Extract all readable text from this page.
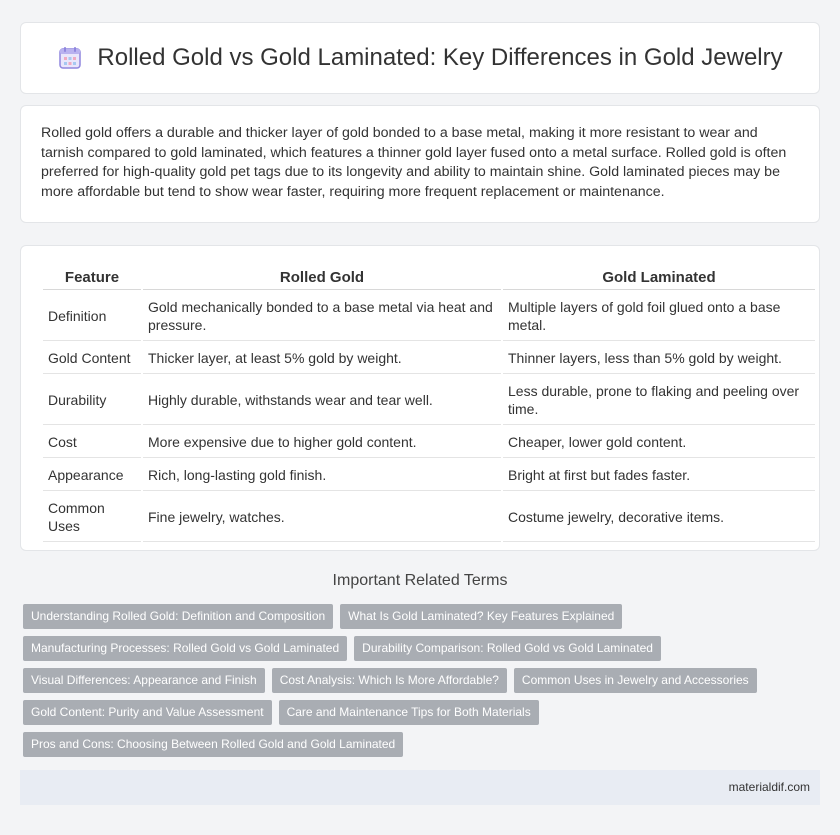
Rolled Gold vs Gold Laminated: Key Differences in Gold Jewelry

Rolled gold offers a durable and thicker layer of gold bonded to a base metal, making it more resistant to wear and tarnish compared to gold laminated, which features a thinner gold layer fused onto a metal surface. Rolled gold is often preferred for high-quality gold pet tags due to its longevity and ability to maintain shine. Gold laminated pieces may be more affordable but tend to show wear faster, requiring more frequent replacement or maintenance.

Feature	Rolled Gold	Gold Laminated
Definition	Gold mechanically bonded to a base metal via heat and pressure.	Multiple layers of gold foil glued onto a base metal.
Gold Content	Thicker layer, at least 5% gold by weight.	Thinner layers, less than 5% gold by weight.
Durability	Highly durable, withstands wear and tear well.	Less durable, prone to flaking and peeling over time.
Cost	More expensive due to higher gold content.	Cheaper, lower gold content.
Appearance	Rich, long-lasting gold finish.	Bright at first but fades faster.
Common Uses	Fine jewelry, watches.	Costume jewelry, decorative items.
Important Related Terms
Understanding Rolled Gold: Definition and Composition	What Is Gold Laminated? Key Features Explained
Manufacturing Processes: Rolled Gold vs Gold Laminated	Durability Comparison: Rolled Gold vs Gold Laminated
Visual Differences: Appearance and Finish	Cost Analysis: Which Is More Affordable?	Common Uses in Jewelry and Accessories
Gold Content: Purity and Value Assessment	Care and Maintenance Tips for Both Materials
Pros and Cons: Choosing Between Rolled Gold and Gold Laminated
materialdif.com
